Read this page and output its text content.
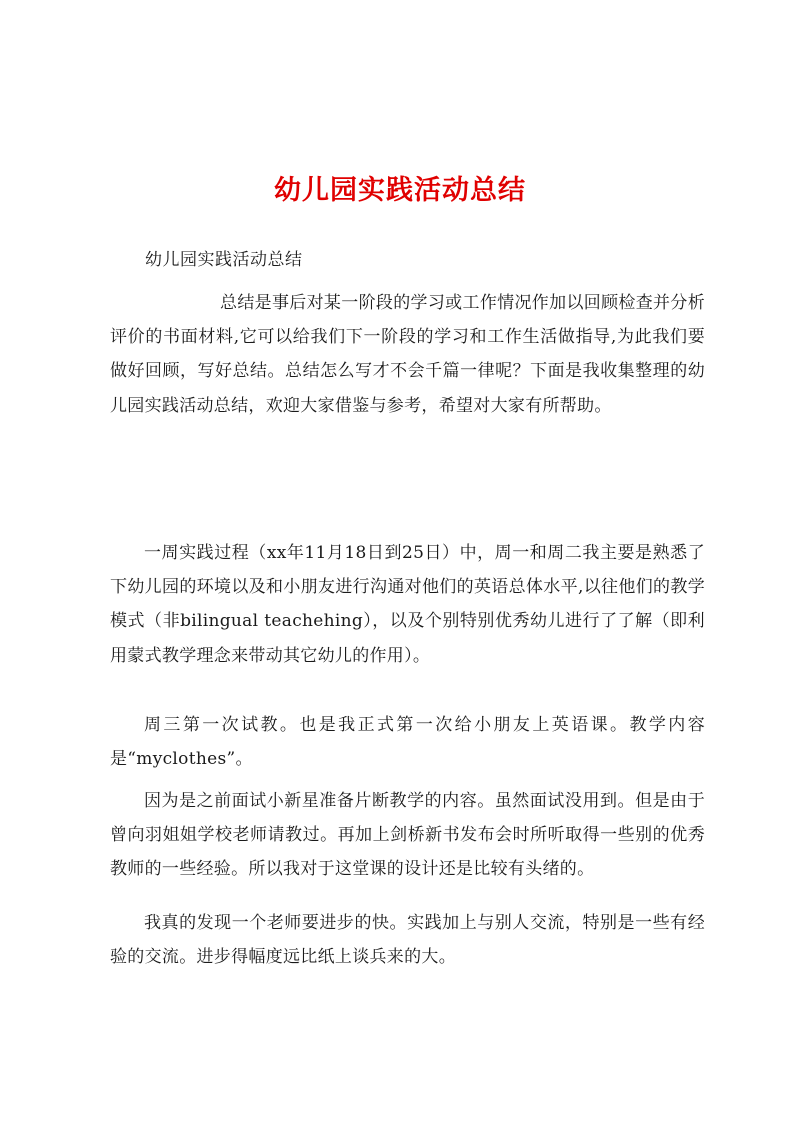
幼儿园实践活动总结
幼儿园实践活动总结

总结是事后对某一阶段的学习或工作情况作加以回顾检查并分析评价的书面材料,它可以给我们下一阶段的学习和工作生活做指导,为此我们要做好回顾，写好总结。总结怎么写才不会千篇一律呢？下面是我收集整理的幼儿园实践活动总结，欢迎大家借鉴与参考，希望对大家有所帮助。

一周实践过程（xx年11月18日到25日）中，周一和周二我主要是熟悉了下幼儿园的环境以及和小朋友进行沟通对他们的英语总体水平,以往他们的教学模式（非bilingual teachehing），以及个别特别优秀幼儿进行了了解（即利用蒙式教学理念来带动其它幼儿的作用）。

周三第一次试教。也是我正式第一次给小朋友上英语课。教学内容是“myclothes”。

因为是之前面试小新星准备片断教学的内容。虽然面试没用到。但是由于曾向羽姐姐学校老师请教过。再加上剑桥新书发布会时所听取得一些别的优秀教师的一些经验。所以我对于这堂课的设计还是比较有头绪的。

我真的发现一个老师要进步的快。实践加上与别人交流，特别是一些有经验的交流。进步得幅度远比纸上谈兵来的大。
